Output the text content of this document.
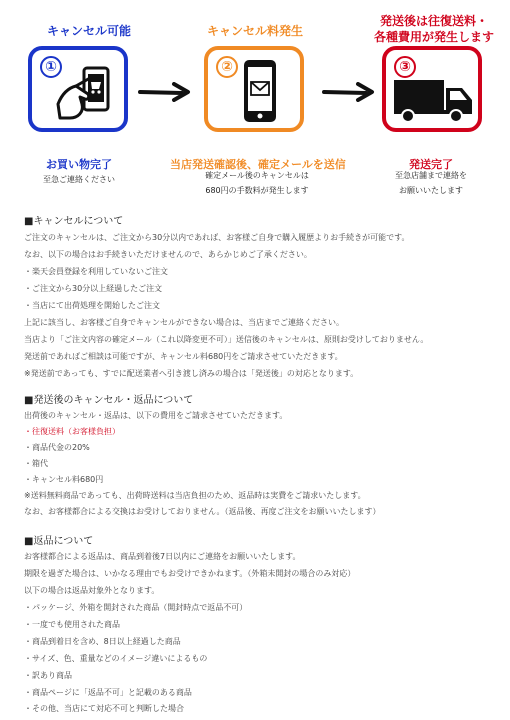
キャンセル可能
①
お買い物完了
至急ご連絡ください
キャンセル料発生
②
当店発送確認後、確定メールを送信
確定メール後のキャンセルは
680円の手数料が発生します
発送後は往復送料・
各種費用が発生します
③
発送完了
至急店舗まで連絡を
お願いいたします
■キャンセルについて
ご注文のキャンセルは、ご注文から30分以内であれば、お客様ご自身で購入履歴よりお手続きが可能です。
なお、以下の場合はお手続きいただけませんので、あらかじめご了承ください。
・楽天会員登録を利用していないご注文
・ご注文から30分以上経過したご注文
・当店にて出荷処理を開始したご注文
上記に該当し、お客様ご自身でキャンセルができない場合は、当店までご連絡ください。
当店より「ご注文内容の確定メール（これ以降変更不可）」送信後のキャンセルは、原則お受けしておりません。
発送前であればご相談は可能ですが、キャンセル料680円をご請求させていただきます。
※発送前であっても、すでに配送業者へ引き渡し済みの場合は「発送後」の対応となります。
■発送後のキャンセル・返品について
出荷後のキャンセル・返品は、以下の費用をご請求させていただきます。
・往復送料（お客様負担）
・商品代金の20%
・箱代
・キャンセル料680円
※送料無料商品であっても、出荷時送料は当店負担のため、返品時は実費をご請求いたします。
なお、お客様都合による交換はお受けしておりません。（返品後、再度ご注文をお願いいたします）
■返品について
お客様都合による返品は、商品到着後7日以内にご連絡をお願いいたします。
期限を過ぎた場合は、いかなる理由でもお受けできかねます。（外箱未開封の場合のみ対応）
以下の場合は返品対象外となります。
・パッケージ、外箱を開封された商品（開封時点で返品不可）
・一度でも使用された商品
・商品到着日を含め、8日以上経過した商品
・サイズ、色、重量などのイメージ違いによるもの
・訳あり商品
・商品ページに「返品不可」と記載のある商品
・その他、当店にて対応不可と判断した場合
